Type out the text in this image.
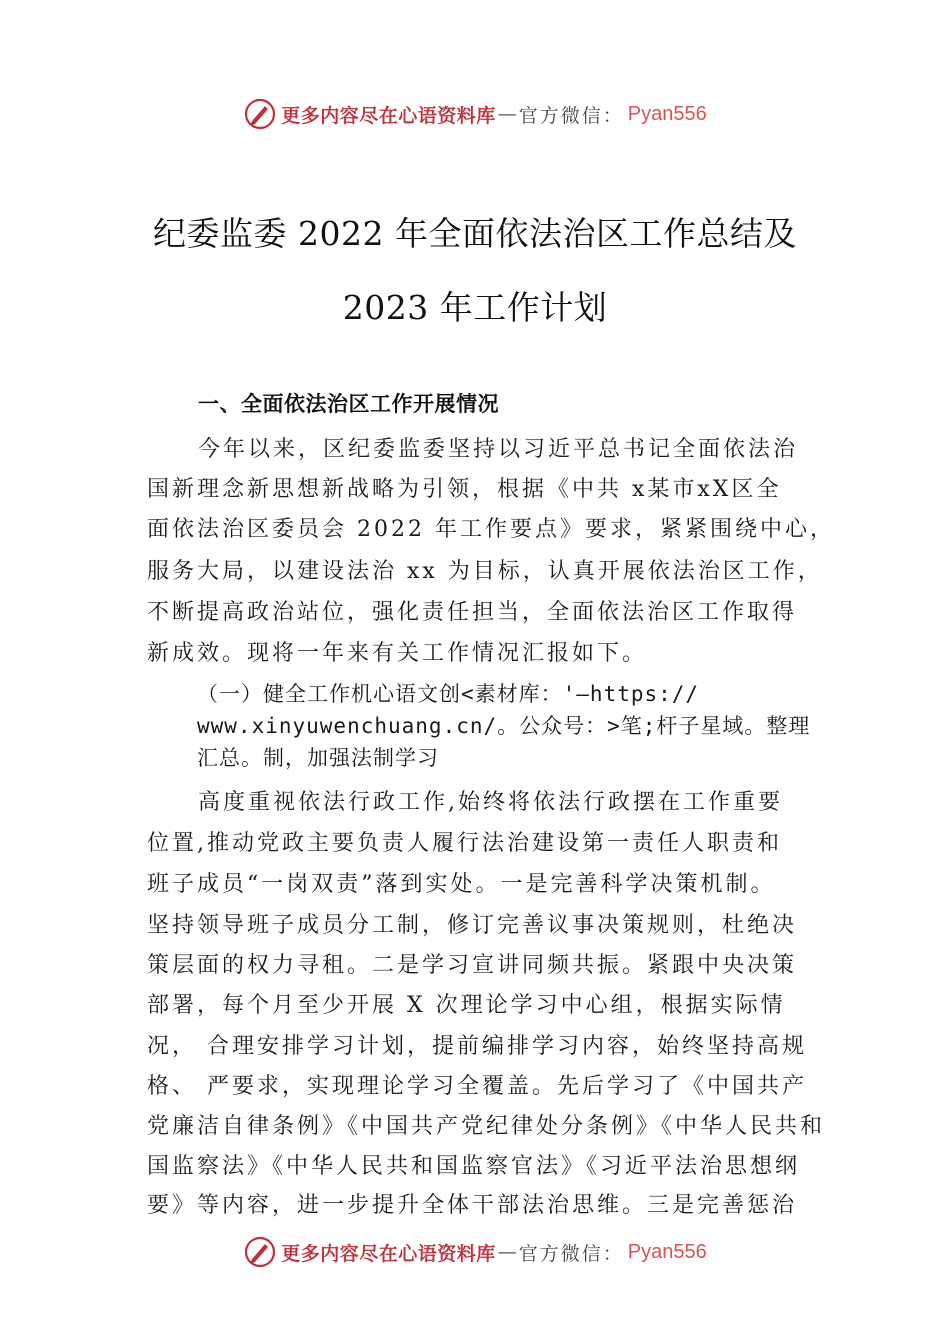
更多内容尽在心语资料库 — 官方微信： Pyan556
纪委监委 2022 年全面依法治区工作总结及
2023 年工作计划
一、全面依法治区工作开展情况
今年以来，区纪委监委坚持以习近平总书记全面依法治
国新理念新思想新战略为引领，根据《中共 x某市xX区全
面依法治区委员会 2022 年工作要点》要求，紧紧围绕中心，
服务大局，以建设法治 xx 为目标，认真开展依法治区工作，
不断提高政治站位，强化责任担当，全面依法治区工作取得
新成效。现将一年来有关工作情况汇报如下。
（一）健全工作机心语文创<素材库：'—https://
www.xinyuwenchuang.cn/。公众号：>笔;杆子星域。整理
汇总。制，加强法制学习
高度重视依法行政工作,始终将依法行政摆在工作重要
位置,推动党政主要负责人履行法治建设第一责任人职责和
班子成员“一岗双责”落到实处。一是完善科学决策机制。
坚持领导班子成员分工制，修订完善议事决策规则，杜绝决
策层面的权力寻租。二是学习宣讲同频共振。紧跟中央决策
部署，每个月至少开展 X 次理论学习中心组，根据实际情
况， 合理安排学习计划，提前编排学习内容，始终坚持高规
格、 严要求，实现理论学习全覆盖。先后学习了《中国共产
党廉洁自律条例》《中国共产党纪律处分条例》《中华人民共和
国监察法》《中华人民共和国监察官法》《习近平法治思想纲
要》等内容，进一步提升全体干部法治思维。三是完善惩治
更多内容尽在心语资料库 — 官方微信： Pyan556
